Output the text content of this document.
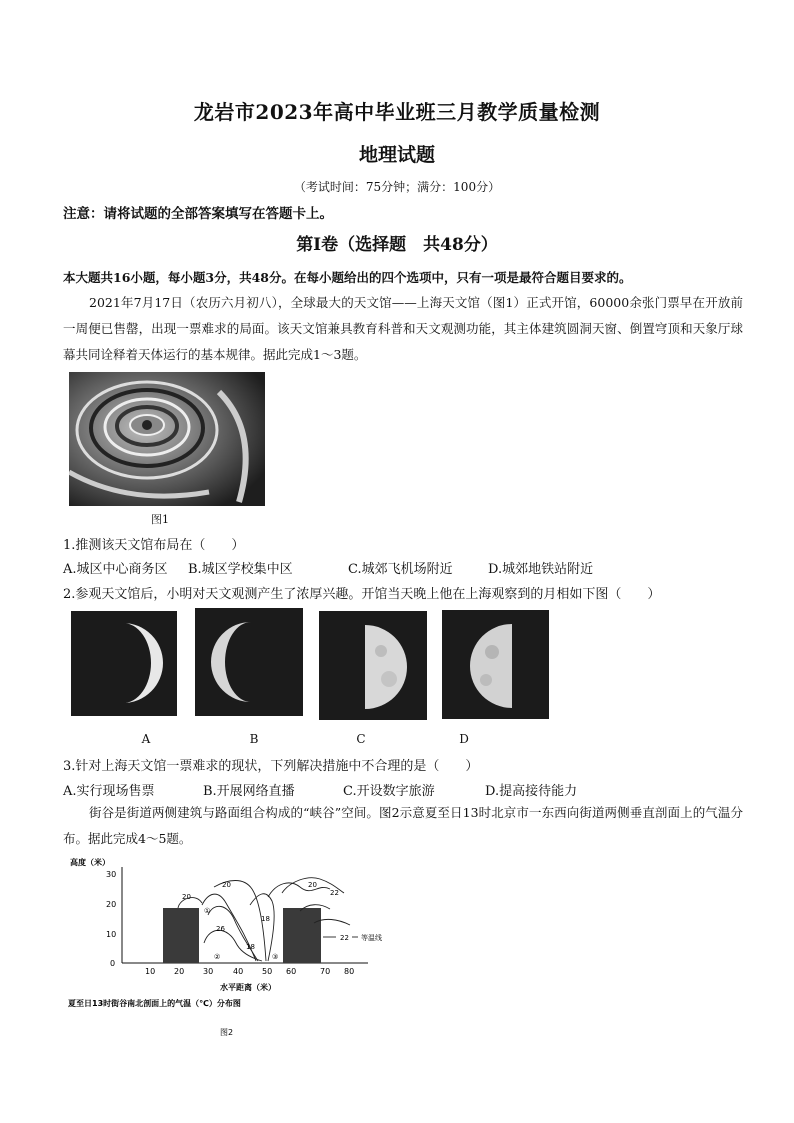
龙岩市2023年高中毕业班三月教学质量检测
地理试题
（考试时间：75分钟；满分：100分）
注意：请将试题的全部答案填写在答题卡上。
第Ⅰ卷（选择题　共48分）
本大题共16小题，每小题3分，共48分。在每小题给出的四个选项中，只有一项是最符合题目要求的。
2021年7月17日（农历六月初八），全球最大的天文馆——上海天文馆（图1）正式开馆，60000余张门票早在开放前一周便已售罄，出现一票难求的局面。该天文馆兼具教育科普和天文观测功能，其主体建筑圆洞天窗、倒置穹顶和天象厅球幕共同诠释着天体运行的基本规律。据此完成1～3题。
图1
1.推测该天文馆布局在（　　）
A.城区中心商务区	B.城区学校集中区	C.城郊飞机场附近	D.城郊地铁站附近
2.参观天文馆后，小明对天文观测产生了浓厚兴趣。开馆当天晚上他在上海观察到的月相如下图（　　）
A	B	C	D
3.针对上海天文馆一票难求的现状，下列解决措施中不合理的是（　　）
A.实行现场售票	B.开展网络直播	C.开设数字旅游	D.提高接待能力
街谷是街道两侧建筑与路面组合构成的“峡谷”空间。图2示意夏至日13时北京市一东西向街道两侧垂直剖面上的气温分布。据此完成4～5题。
高度（米）
0
10
20
30
10 20 30 40 50 60	70 80
20
20	20
22
18
26
18
①
②	③
22 等温线
水平距离（米）
夏至日13时街谷南北剖面上的气温（℃）分布图
图2
